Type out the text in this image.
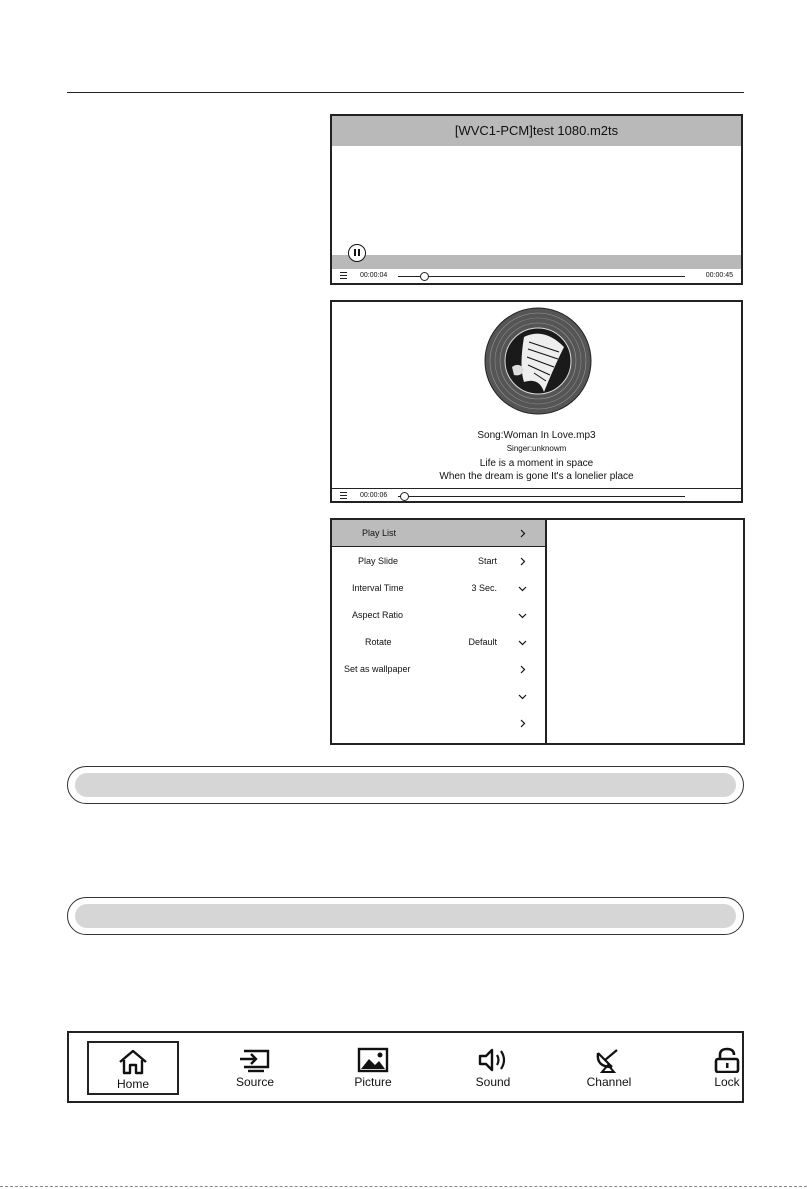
[WVC1-PCM]test 1080.m2ts
00:00:04	00:00:45
Song:Woman In Love.mp3
Singer:unknowm
Life is a moment in space
When the dream is gone It's a lonelier place
00:00:06
Play List
Play Slide	Start
Interval Time	3 Sec.
Aspect Ratio
Rotate	Default
Set as wallpaper
Home	Source	Picture	Sound	Channel	Lock
